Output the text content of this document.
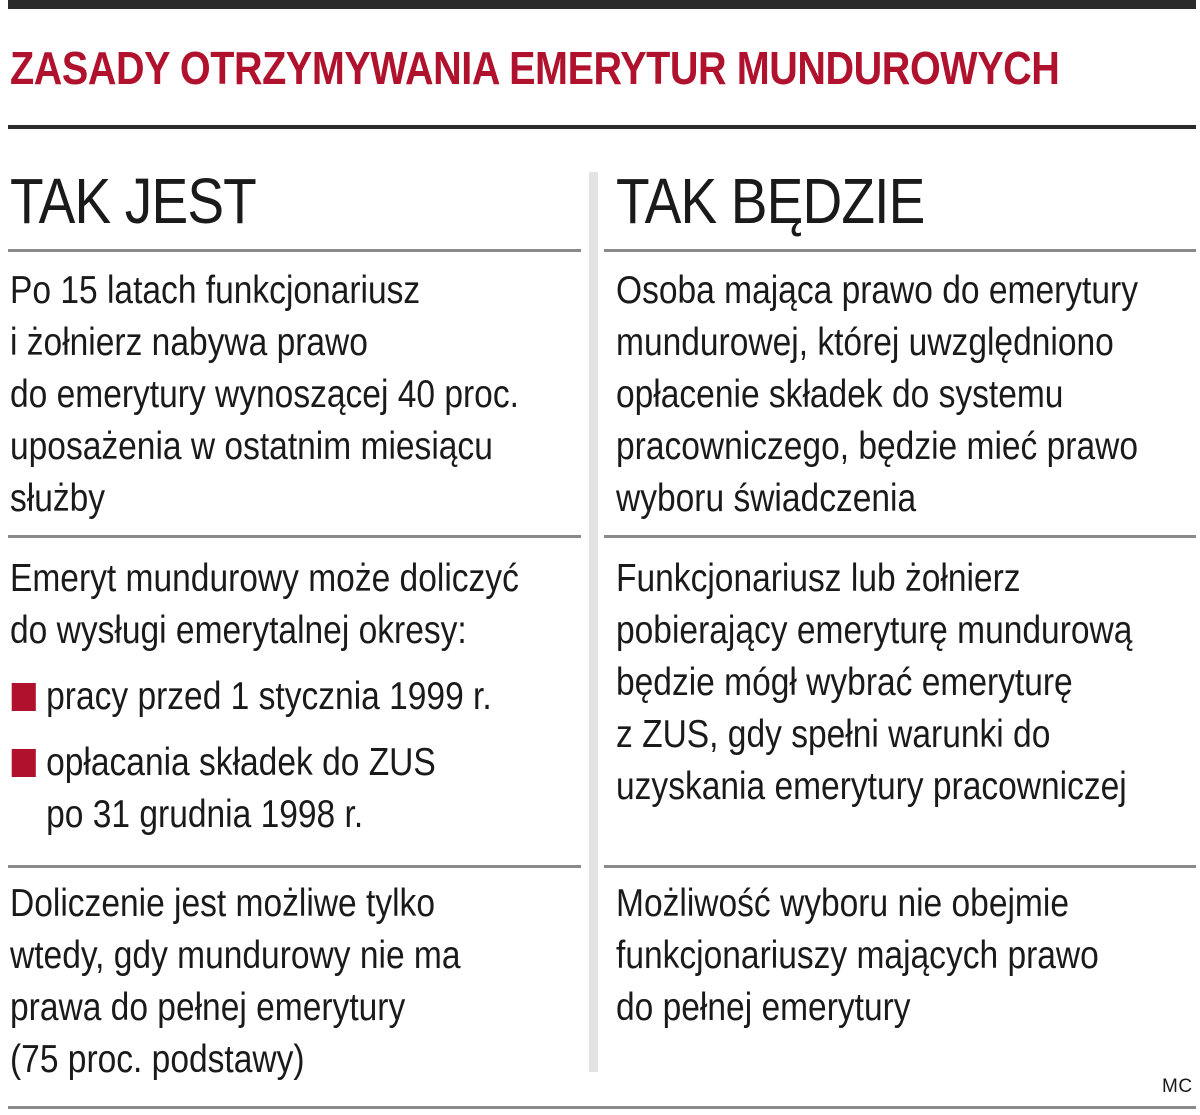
ZASADY OTRZYMYWANIA EMERYTUR MUNDUROWYCH
TAK JEST	TAK BĘDZIE
Po 15 latach funkcjonariusz
i żołnierz nabywa prawo
do emerytury wynoszącej 40 proc.
uposażenia w ostatnim miesiącu
służby
Emeryt mundurowy może doliczyć
do wysługi emerytalnej okresy:
pracy przed 1 stycznia 1999 r.
opłacania składek do ZUS
po 31 grudnia 1998 r.
Doliczenie jest możliwe tylko
wtedy, gdy mundurowy nie ma
prawa do pełnej emerytury
(75 proc. podstawy)
Osoba mająca prawo do emerytury
mundurowej, której uwzględniono
opłacenie składek do systemu
pracowniczego, będzie mieć prawo
wyboru świadczenia
Funkcjonariusz lub żołnierz
pobierający emeryturę mundurową
będzie mógł wybrać emeryturę
z ZUS, gdy spełni warunki do
uzyskania emerytury pracowniczej
Możliwość wyboru nie obejmie
funkcjonariuszy mających prawo
do pełnej emerytury
MC
